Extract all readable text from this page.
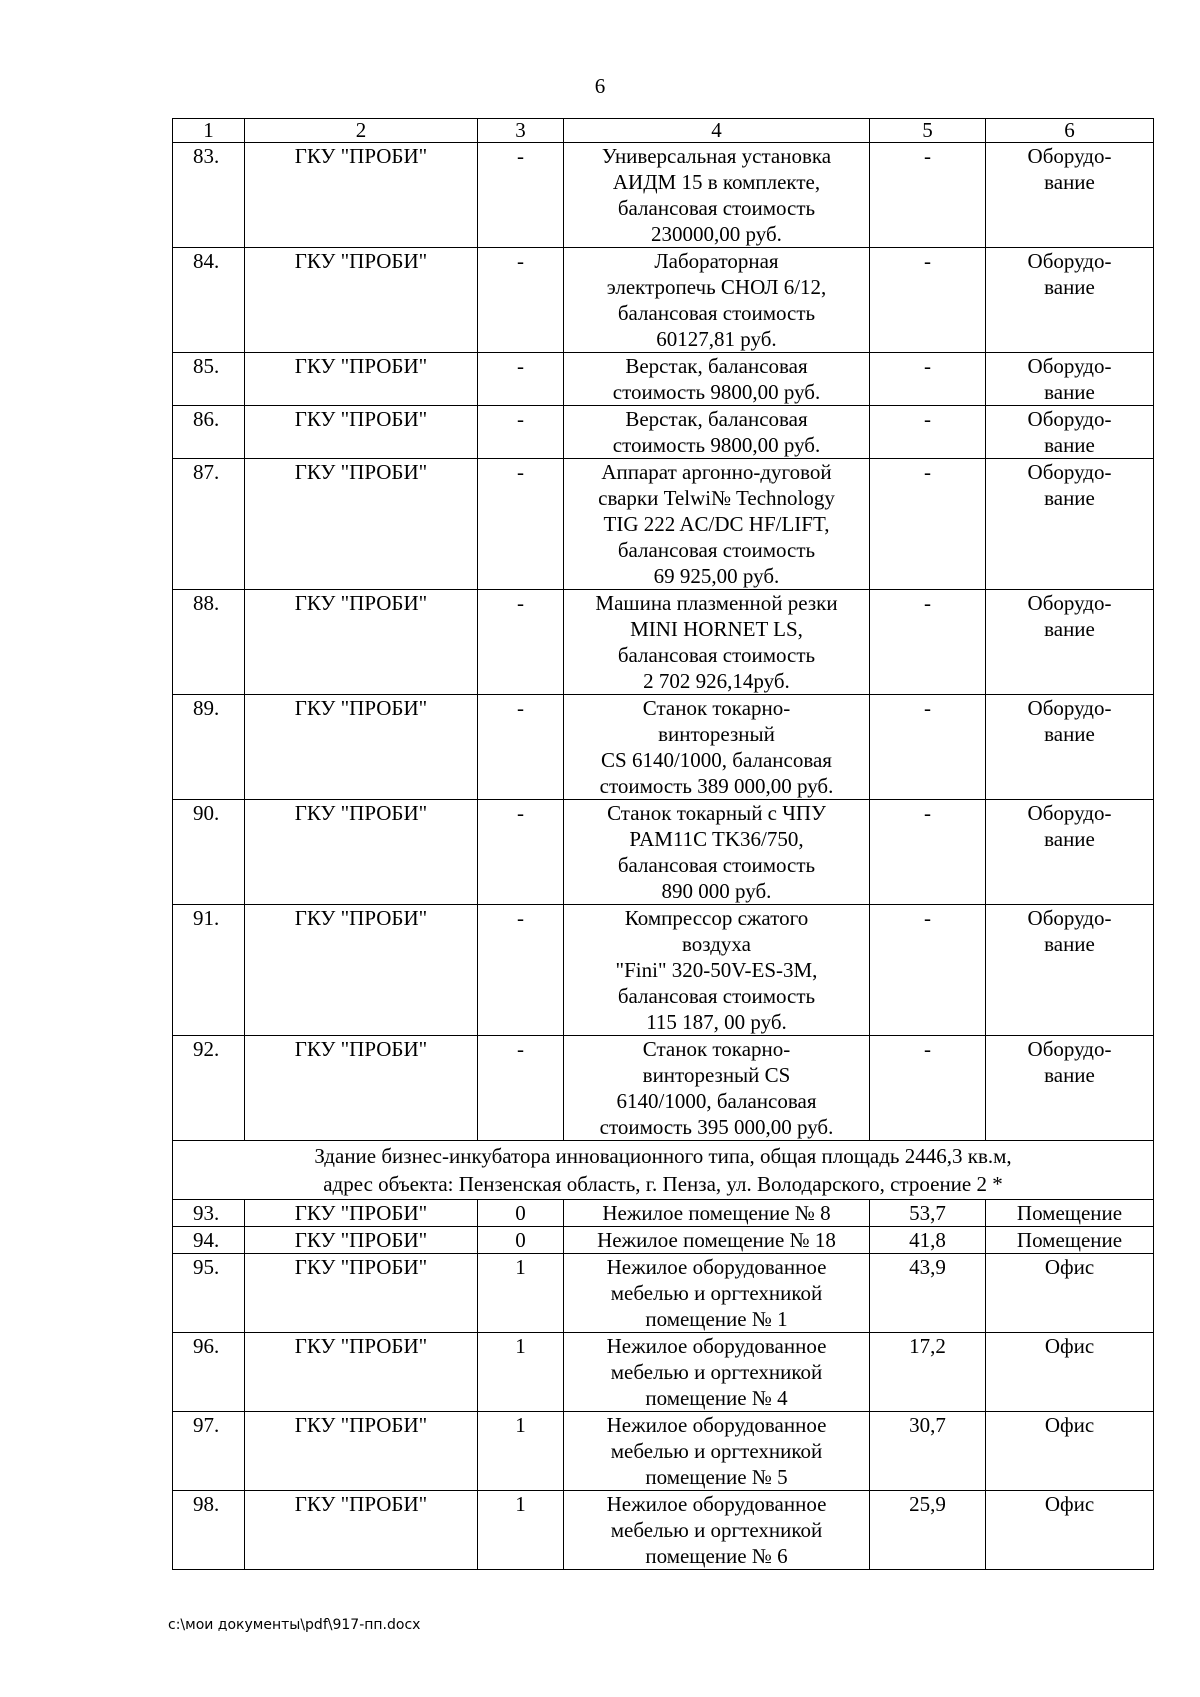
6
1	2	3	4	5	6
83.	ГКУ "ПРОБИ"	-	Универсальная установка
АИДМ 15 в комплекте,
балансовая стоимость
230000,00 руб.	-	Оборудо-
вание
84.	ГКУ "ПРОБИ"	-	Лабораторная
электропечь СНОЛ 6/12,
балансовая стоимость
60127,81 руб.	-	Оборудо-
вание
85.	ГКУ "ПРОБИ"	-	Верстак, балансовая
стоимость 9800,00 руб.	-	Оборудо-
вание
86.	ГКУ "ПРОБИ"	-	Верстак, балансовая
стоимость 9800,00 руб.	-	Оборудо-
вание
87.	ГКУ "ПРОБИ"	-	Аппарат аргонно-дуговой
сварки Telwi№ Technology
TIG 222 AC/DC HF/LIFT,
балансовая стоимость
69 925,00 руб.	-	Оборудо-
вание
88.	ГКУ "ПРОБИ"	-	Машина плазменной резки
MINI HORNET LS,
балансовая стоимость
2 702 926,14руб.	-	Оборудо-
вание
89.	ГКУ "ПРОБИ"	-	Станок токарно-
винторезный
CS 6140/1000, балансовая
стоимость 389 000,00 руб.	-	Оборудо-
вание
90.	ГКУ "ПРОБИ"	-	Станок токарный с ЧПУ
PAM11C TK36/750,
балансовая стоимость
890 000 руб.	-	Оборудо-
вание
91.	ГКУ "ПРОБИ"	-	Компрессор сжатого
воздуха
"Fini" 320-50V-ES-3M,
балансовая стоимость
115 187, 00 руб.	-	Оборудо-
вание
92.	ГКУ "ПРОБИ"	-	Станок токарно-
винторезный CS
6140/1000, балансовая
стоимость 395 000,00 руб.	-	Оборудо-
вание
Здание бизнес-инкубатора инновационного типа, общая площадь 2446,3 кв.м,
адрес объекта: Пензенская область, г. Пенза, ул. Володарского, строение 2 *					
93.	ГКУ "ПРОБИ"	0	Нежилое помещение № 8	53,7	Помещение
94.	ГКУ "ПРОБИ"	0	Нежилое помещение № 18	41,8	Помещение
95.	ГКУ "ПРОБИ"	1	Нежилое оборудованное
мебелью и оргтехникой
помещение № 1	43,9	Офис
96.	ГКУ "ПРОБИ"	1	Нежилое оборудованное
мебелью и оргтехникой
помещение № 4	17,2	Офис
97.	ГКУ "ПРОБИ"	1	Нежилое оборудованное
мебелью и оргтехникой
помещение № 5	30,7	Офис
98.	ГКУ "ПРОБИ"	1	Нежилое оборудованное
мебелью и оргтехникой
помещение № 6	25,9	Офис
c:\мои документы\pdf\917-пп.docx
